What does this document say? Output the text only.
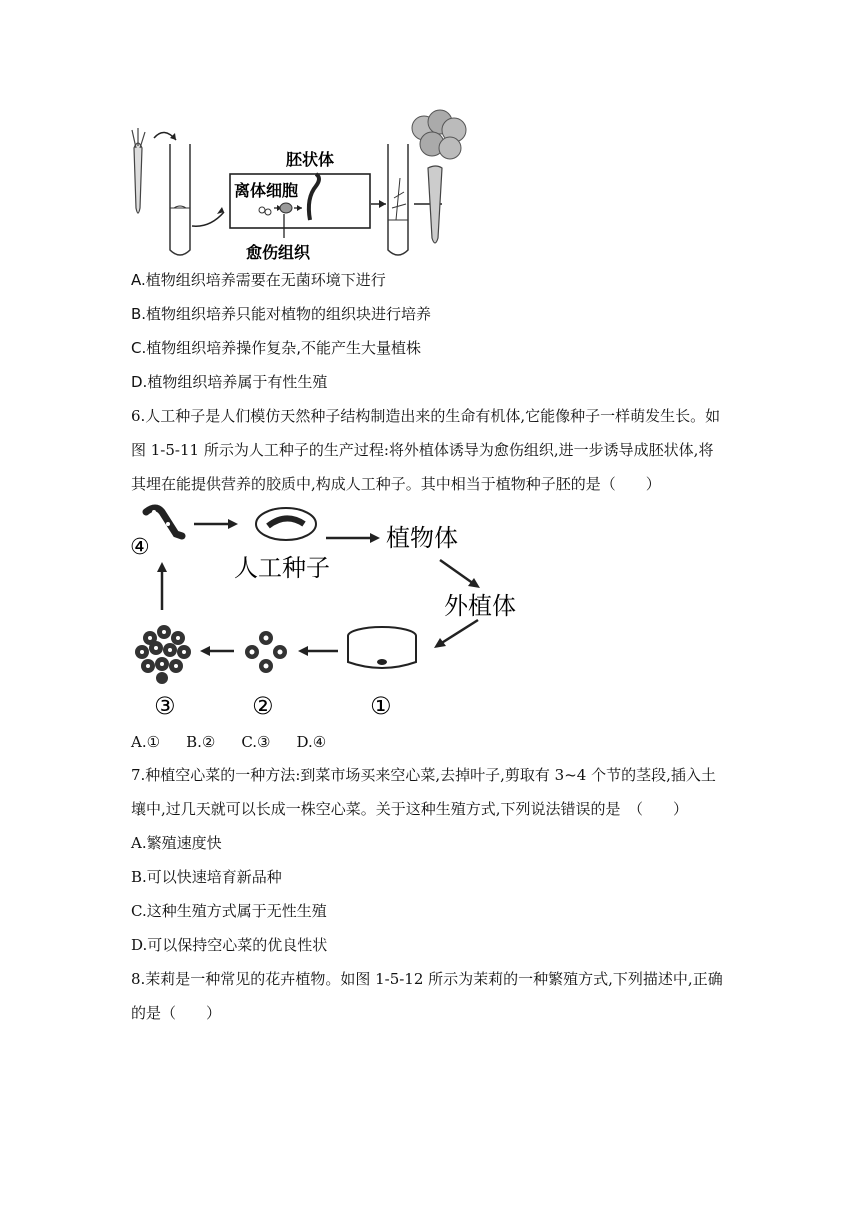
离体细胞
胚状体
愈伤组织
A.植物组织培养需要在无菌环境下进行
B.植物组织培养只能对植物的组织块进行培养
C.植物组织培养操作复杂,不能产生大量植株
D.植物组织培养属于有性生殖
6.人工种子是人们模仿天然种子结构制造出来的生命有机体,它能像种子一样萌发生长。如
图 1-5-11 所示为人工种子的生产过程:将外植体诱导为愈伤组织,进一步诱导成胚状体,将
其埋在能提供营养的胶质中,构成人工种子。其中相当于植物种子胚的是（　　）
④
人工种子
植物体
外植体
①
②
③
A.① B.② C.③ D.④
7.种植空心菜的一种方法:到菜市场买来空心菜,去掉叶子,剪取有 3~4 个节的茎段,插入土
壤中,过几天就可以长成一株空心菜。关于这种生殖方式,下列说法错误的是　（　　）
A.繁殖速度快
B.可以快速培育新品种
C.这种生殖方式属于无性生殖
D.可以保持空心菜的优良性状
8.茉莉是一种常见的花卉植物。如图 1-5-12 所示为茉莉的一种繁殖方式,下列描述中,正确
的是（　　）
